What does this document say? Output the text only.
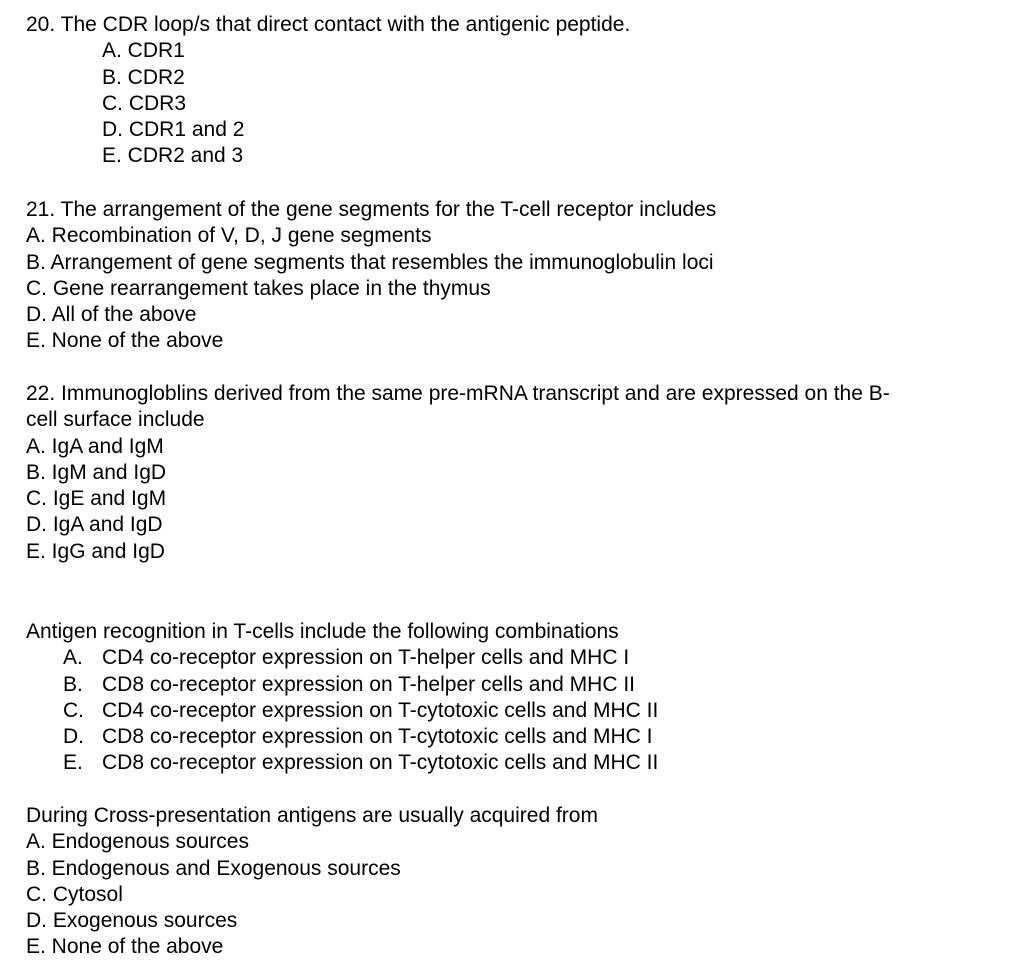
20. The CDR loop/s that direct contact with the antigenic peptide.
A. CDR1
B. CDR2
C. CDR3
D. CDR1 and 2
E. CDR2 and 3
21. The arrangement of the gene segments for the T-cell receptor includes
A. Recombination of V, D, J gene segments
B. Arrangement of gene segments that resembles the immunoglobulin loci
C. Gene rearrangement takes place in the thymus
D. All of the above
E. None of the above
22. Immunogloblins derived from the same pre-mRNA transcript and are expressed on the B-
cell surface include
A. IgA and IgM
B. IgM and IgD
C. IgE and IgM
D. IgA and IgD
E. IgG and IgD
Antigen recognition in T-cells include the following combinations
A. CD4 co-receptor expression on T-helper cells and MHC I
B. CD8 co-receptor expression on T-helper cells and MHC II
C. CD4 co-receptor expression on T-cytotoxic cells and MHC II
D. CD8 co-receptor expression on T-cytotoxic cells and MHC I
E. CD8 co-receptor expression on T-cytotoxic cells and MHC II
During Cross-presentation antigens are usually acquired from
A. Endogenous sources
B. Endogenous and Exogenous sources
C. Cytosol
D. Exogenous sources
E. None of the above
